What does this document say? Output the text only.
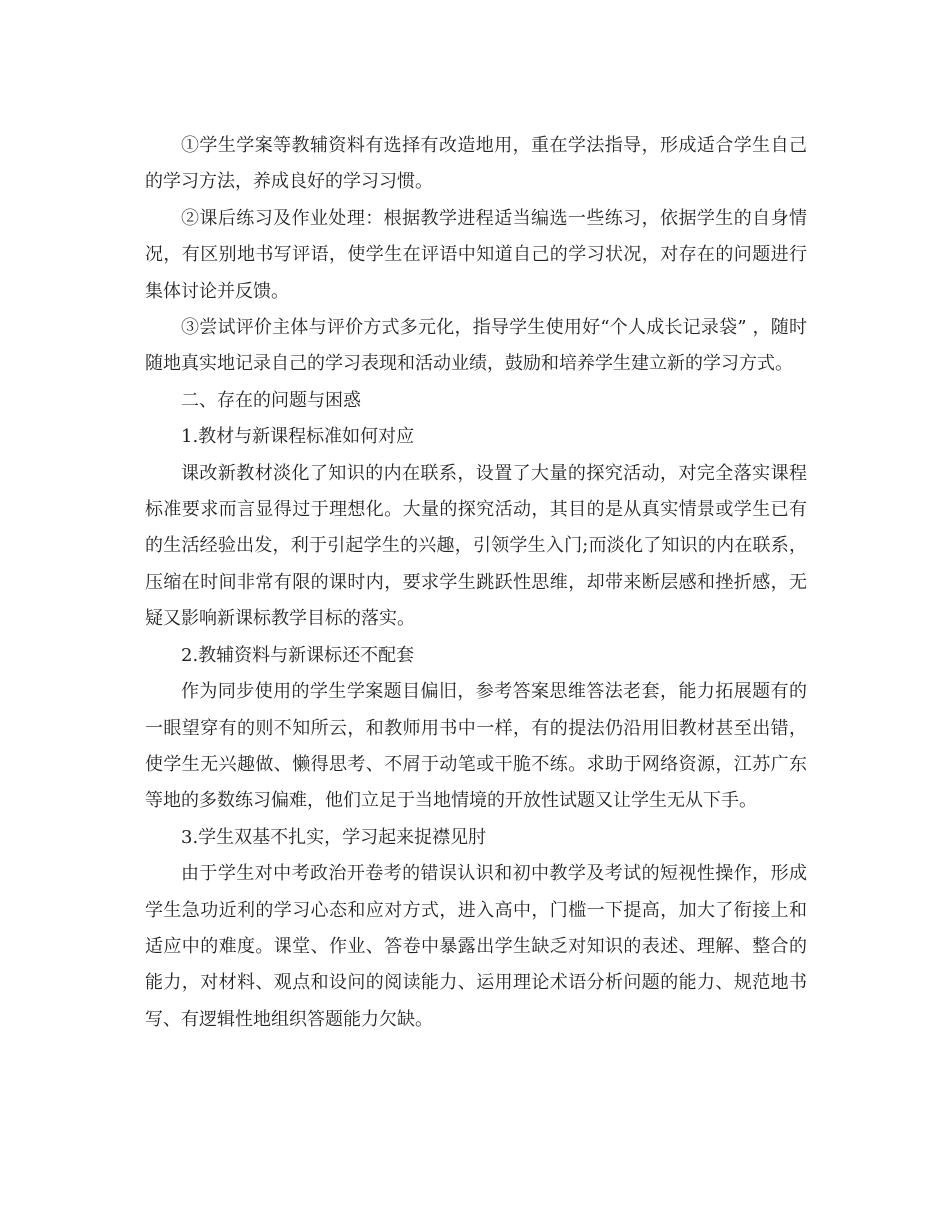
①学生学案等教辅资料有选择有改造地用，重在学法指导，形成适合学生自己的学习方法，养成良好的学习习惯。

②课后练习及作业处理：根据教学进程适当编选一些练习，依据学生的自身情况，有区别地书写评语，使学生在评语中知道自己的学习状况，对存在的问题进行集体讨论并反馈。

③尝试评价主体与评价方式多元化，指导学生使用好“个人成长记录袋” ，随时随地真实地记录自己的学习表现和活动业绩，鼓励和培养学生建立新的学习方式。

二、存在的问题与困惑

1.教材与新课程标准如何对应

课改新教材淡化了知识的内在联系，设置了大量的探究活动，对完全落实课程标准要求而言显得过于理想化。大量的探究活动，其目的是从真实情景或学生已有的生活经验出发，利于引起学生的兴趣，引领学生入门;而淡化了知识的内在联系，压缩在时间非常有限的课时内，要求学生跳跃性思维，却带来断层感和挫折感，无疑又影响新课标教学目标的落实。

2.教辅资料与新课标还不配套

作为同步使用的学生学案题目偏旧，参考答案思维答法老套，能力拓展题有的一眼望穿有的则不知所云，和教师用书中一样，有的提法仍沿用旧教材甚至出错，使学生无兴趣做、懒得思考、不屑于动笔或干脆不练。求助于网络资源，江苏广东等地的多数练习偏难，他们立足于当地情境的开放性试题又让学生无从下手。

3.学生双基不扎实，学习起来捉襟见肘

由于学生对中考政治开卷考的错误认识和初中教学及考试的短视性操作，形成学生急功近利的学习心态和应对方式，进入高中，门槛一下提高，加大了衔接上和适应中的难度。课堂、作业、答卷中暴露出学生缺乏对知识的表述、理解、整合的能力，对材料、观点和设问的阅读能力、运用理论术语分析问题的能力、规范地书写、有逻辑性地组织答题能力欠缺。
